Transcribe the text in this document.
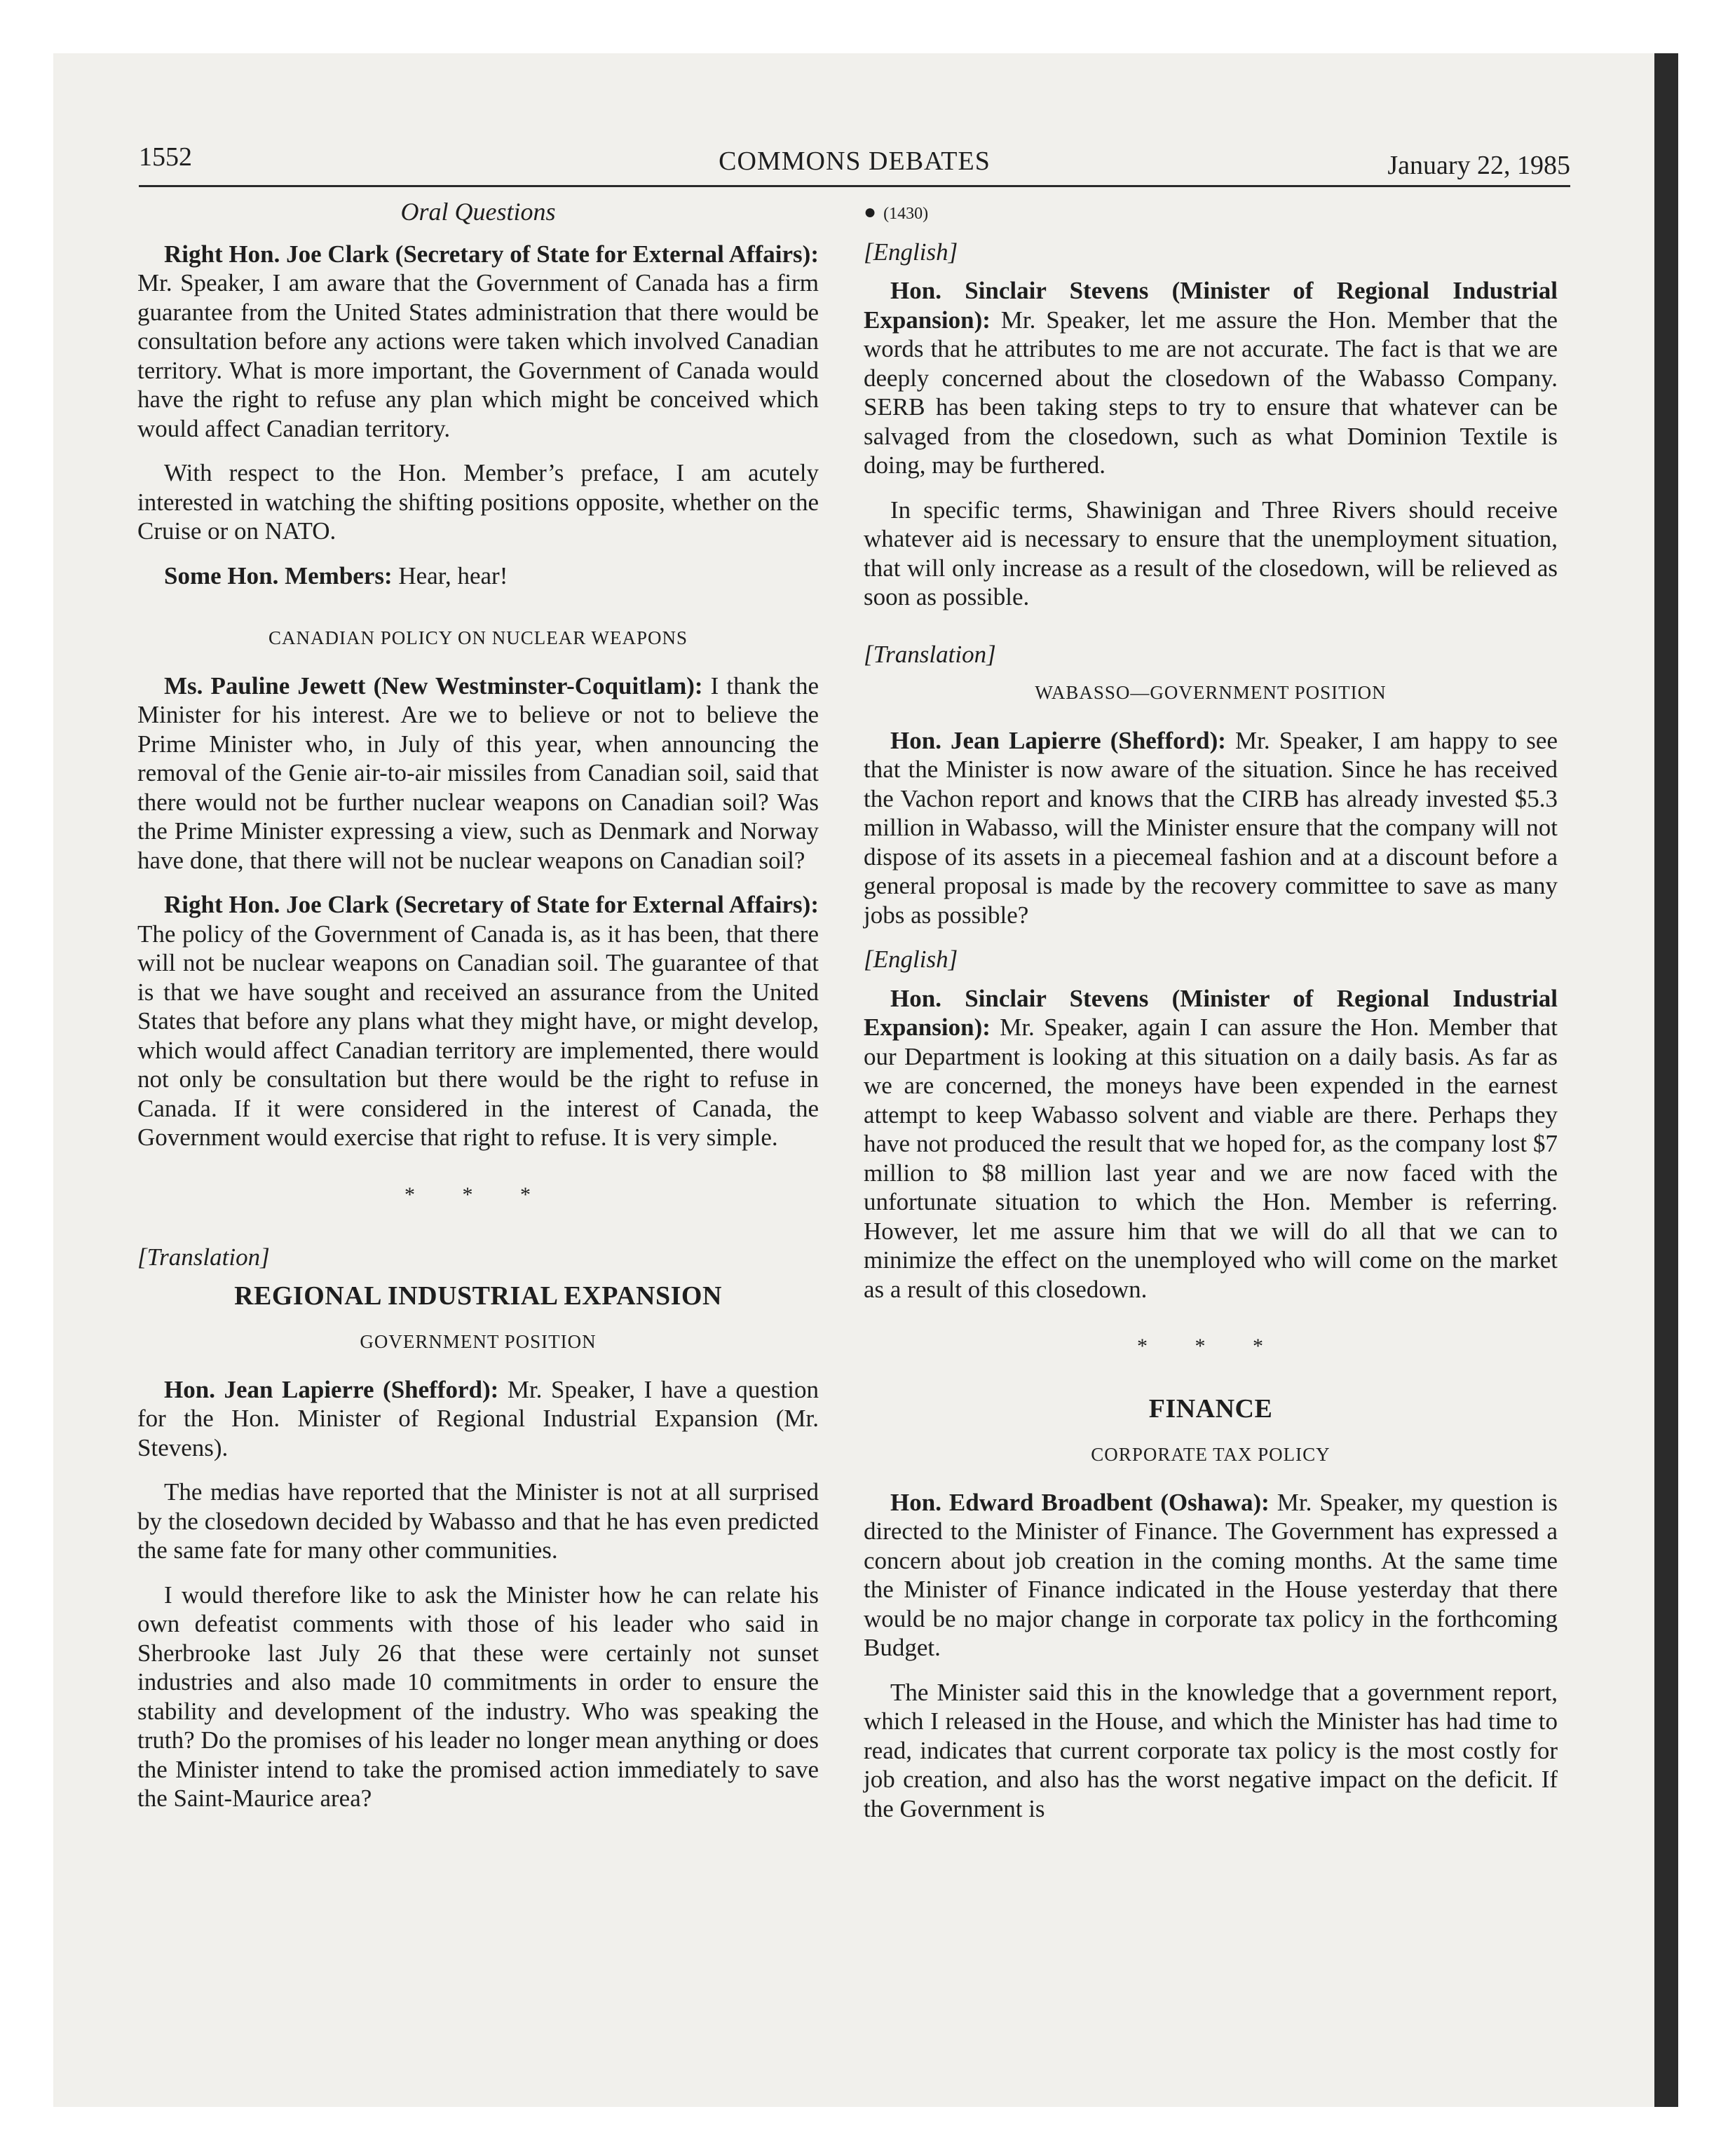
1552	COMMONS DEBATES	January 22, 1985
Oral Questions

Right Hon. Joe Clark (Secretary of State for External Affairs): Mr. Speaker, I am aware that the Government of Canada has a firm guarantee from the United States administration that there would be consultation before any actions were taken which involved Canadian territory. What is more important, the Government of Canada would have the right to refuse any plan which might be conceived which would affect Canadian territory.

With respect to the Hon. Member’s preface, I am acutely interested in watching the shifting positions opposite, whether on the Cruise or on NATO.

Some Hon. Members: Hear, hear!

CANADIAN POLICY ON NUCLEAR WEAPONS

Ms. Pauline Jewett (New Westminster-Coquitlam): I thank the Minister for his interest. Are we to believe or not to believe the Prime Minister who, in July of this year, when announcing the removal of the Genie air-to-air missiles from Canadian soil, said that there would not be further nuclear weapons on Canadian soil? Was the Prime Minister expressing a view, such as Denmark and Norway have done, that there will not be nuclear weapons on Canadian soil?

Right Hon. Joe Clark (Secretary of State for External Affairs): The policy of the Government of Canada is, as it has been, that there will not be nuclear weapons on Canadian soil. The guarantee of that is that we have sought and received an assurance from the United States that before any plans what they might have, or might develop, which would affect Canadian territory are implemented, there would not only be consultation but there would be the right to refuse in Canada. If it were considered in the interest of Canada, the Government would exercise that right to refuse. It is very simple.

* * *
[Translation]
REGIONAL INDUSTRIAL EXPANSION
GOVERNMENT POSITION

Hon. Jean Lapierre (Shefford): Mr. Speaker, I have a question for the Hon. Minister of Regional Industrial Expansion (Mr. Stevens).

The medias have reported that the Minister is not at all surprised by the closedown decided by Wabasso and that he has even predicted the same fate for many other communities.

I would therefore like to ask the Minister how he can relate his own defeatist comments with those of his leader who said in Sherbrooke last July 26 that these were certainly not sunset industries and also made 10 commitments in order to ensure the stability and development of the industry. Who was speaking the truth? Do the promises of his leader no longer mean anything or does the Minister intend to take the promised action immediately to save the Saint-Maurice area?

● (1430)
[English]

Hon. Sinclair Stevens (Minister of Regional Industrial Expansion): Mr. Speaker, let me assure the Hon. Member that the words that he attributes to me are not accurate. The fact is that we are deeply concerned about the closedown of the Wabasso Company. SERB has been taking steps to try to ensure that whatever can be salvaged from the closedown, such as what Dominion Textile is doing, may be furthered.

In specific terms, Shawinigan and Three Rivers should receive whatever aid is necessary to ensure that the unemployment situation, that will only increase as a result of the closedown, will be relieved as soon as possible.

[Translation]
WABASSO—GOVERNMENT POSITION

Hon. Jean Lapierre (Shefford): Mr. Speaker, I am happy to see that the Minister is now aware of the situation. Since he has received the Vachon report and knows that the CIRB has already invested $5.3 million in Wabasso, will the Minister ensure that the company will not dispose of its assets in a piecemeal fashion and at a discount before a general proposal is made by the recovery committee to save as many jobs as possible?

[English]

Hon. Sinclair Stevens (Minister of Regional Industrial Expansion): Mr. Speaker, again I can assure the Hon. Member that our Department is looking at this situation on a daily basis. As far as we are concerned, the moneys have been expended in the earnest attempt to keep Wabasso solvent and viable are there. Perhaps they have not produced the result that we hoped for, as the company lost $7 million to $8 million last year and we are now faced with the unfortunate situation to which the Hon. Member is referring. However, let me assure him that we will do all that we can to minimize the effect on the unemployed who will come on the market as a result of this closedown.

* * *
FINANCE
CORPORATE TAX POLICY

Hon. Edward Broadbent (Oshawa): Mr. Speaker, my question is directed to the Minister of Finance. The Government has expressed a concern about job creation in the coming months. At the same time the Minister of Finance indicated in the House yesterday that there would be no major change in corporate tax policy in the forthcoming Budget.

The Minister said this in the knowledge that a government report, which I released in the House, and which the Minister has had time to read, indicates that current corporate tax policy is the most costly for job creation, and also has the worst negative impact on the deficit. If the Government is
